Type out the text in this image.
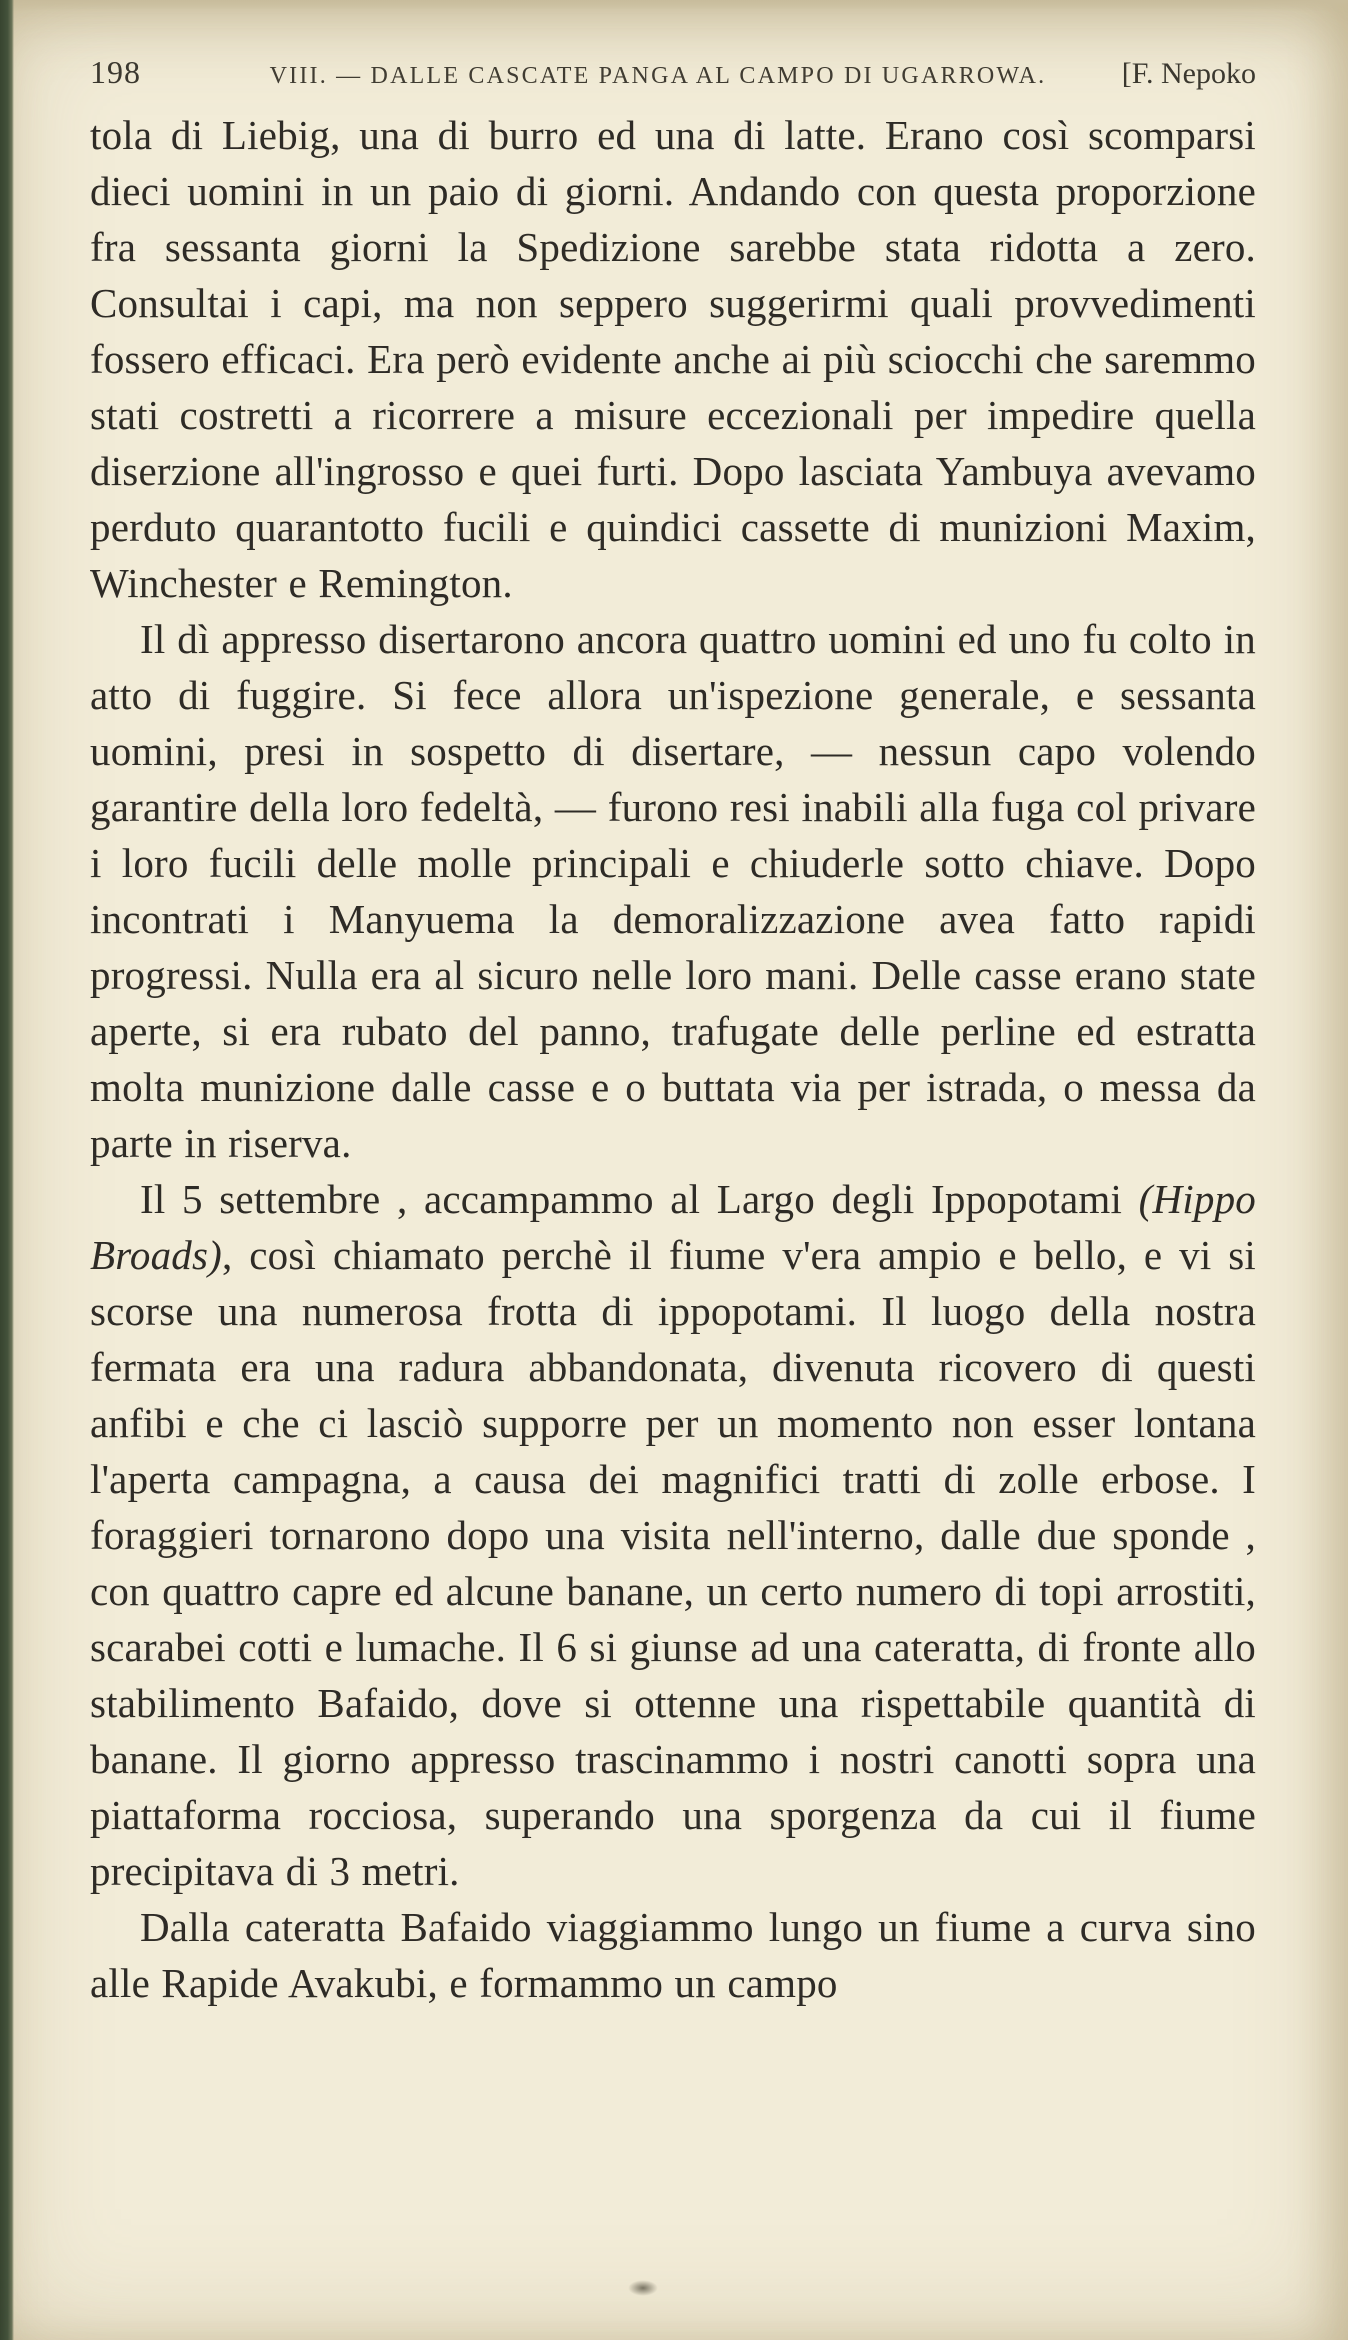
198	VIII. — DALLE CASCATE PANGA AL CAMPO DI UGARROWA.	[F. Nepoko

tola di Liebig, una di burro ed una di latte. Erano così scomparsi dieci uomini in un paio di giorni. Andando con questa proporzione fra sessanta giorni la Spedizione sarebbe stata ridotta a zero. Consultai i capi, ma non seppero suggerirmi quali provvedimenti fossero efficaci. Era però evidente anche ai più sciocchi che saremmo stati costretti a ricorrere a misure eccezionali per impedire quella diserzione all'ingrosso e quei furti. Dopo lasciata Yambuya avevamo perduto quarantotto fucili e quindici cassette di munizioni Maxim, Winchester e Remington.

Il dì appresso disertarono ancora quattro uomini ed uno fu colto in atto di fuggire. Si fece allora un'ispezione generale, e sessanta uomini, presi in sospetto di disertare, — nessun capo volendo garantire della loro fedeltà, — furono resi inabili alla fuga col privare i loro fucili delle molle principali e chiuderle sotto chiave. Dopo incontrati i Manyuema la demoralizzazione avea fatto rapidi progressi. Nulla era al sicuro nelle loro mani. Delle casse erano state aperte, si era rubato del panno, trafugate delle perline ed estratta molta munizione dalle casse e o buttata via per istrada, o messa da parte in riserva.

Il 5 settembre , accampammo al Largo degli Ippopotami (Hippo Broads), così chiamato perchè il fiume v'era ampio e bello, e vi si scorse una numerosa frotta di ippopotami. Il luogo della nostra fermata era una radura abbandonata, divenuta ricovero di questi anfibi e che ci lasciò supporre per un momento non esser lontana l'aperta campagna, a causa dei magnifici tratti di zolle erbose. I foraggieri tornarono dopo una visita nell'interno, dalle due sponde , con quattro capre ed alcune banane, un certo numero di topi arrostiti, scarabei cotti e lumache. Il 6 si giunse ad una cateratta, di fronte allo stabilimento Bafaido, dove si ottenne una rispettabile quantità di banane. Il giorno appresso trascinammo i nostri canotti sopra una piattaforma rocciosa, superando una sporgenza da cui il fiume precipitava di 3 metri.

Dalla cateratta Bafaido viaggiammo lungo un fiume a curva sino alle Rapide Avakubi, e formammo un campo
